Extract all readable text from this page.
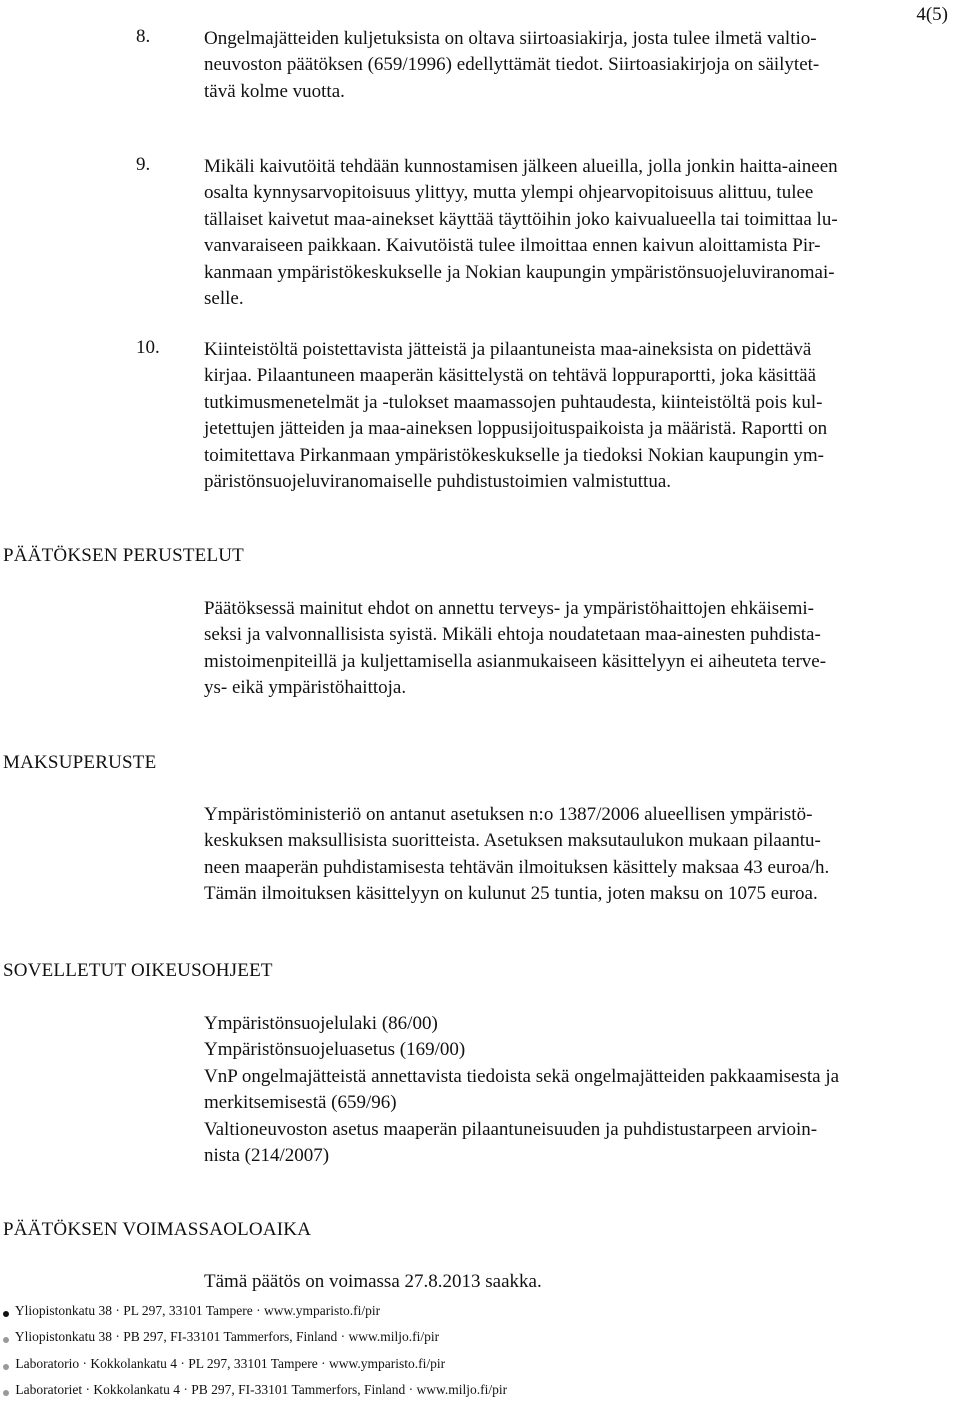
4(5)
8.	Ongelmajätteiden kuljetuksista on oltava siirtoasiakirja, josta tulee ilmetä valtio-
neuvoston päätöksen (659/1996) edellyttämät tiedot. Siirtoasiakirjoja on säilytet-
tävä kolme vuotta.
9.	Mikäli kaivutöitä tehdään kunnostamisen jälkeen alueilla, jolla jonkin haitta-aineen
osalta kynnysarvopitoisuus ylittyy, mutta ylempi ohjearvopitoisuus alittuu, tulee
tällaiset kaivetut maa-ainekset käyttää täyttöihin joko kaivualueella tai toimittaa lu-
vanvaraiseen paikkaan. Kaivutöistä tulee ilmoittaa ennen kaivun aloittamista Pir-
kanmaan ympäristökeskukselle ja Nokian kaupungin ympäristönsuojeluviranomai-
selle.
10. Kiinteistöltä poistettavista jätteistä ja pilaantuneista maa-aineksista on pidettävä
kirjaa. Pilaantuneen maaperän käsittelystä on tehtävä loppuraportti, joka käsittää
tutkimusmenetelmät ja -tulokset maamassojen puhtaudesta, kiinteistöltä pois kul-
jetettujen jätteiden ja maa-aineksen loppusijoituspaikoista ja määristä. Raportti on
toimitettava Pirkanmaan ympäristökeskukselle ja tiedoksi Nokian kaupungin ym-
päristönsuojeluviranomaiselle puhdistustoimien valmistuttua.
PÄÄTÖKSEN PERUSTELUT
Päätöksessä mainitut ehdot on annettu terveys- ja ympäristöhaittojen ehkäisemi-
seksi ja valvonnallisista syistä. Mikäli ehtoja noudatetaan maa-ainesten puhdista-
mistoimenpiteillä ja kuljettamisella asianmukaiseen käsittelyyn ei aiheuteta terve-
ys- eikä ympäristöhaittoja.
MAKSUPERUSTE
Ympäristöministeriö on antanut asetuksen n:o 1387/2006 alueellisen ympäristö-
keskuksen maksullisista suoritteista. Asetuksen maksutaulukon mukaan pilaantu-
neen maaperän puhdistamisesta tehtävän ilmoituksen käsittely maksaa 43 euroa/h.
Tämän ilmoituksen käsittelyyn on kulunut 25 tuntia, joten maksu on 1075 euroa.
SOVELLETUT OIKEUSOHJEET
Ympäristönsuojelulaki (86/00)
Ympäristönsuojeluasetus (169/00)
VnP ongelmajätteistä annettavista tiedoista sekä ongelmajätteiden pakkaamisesta ja
merkitsemisestä (659/96)
Valtioneuvoston asetus maaperän pilaantuneisuuden ja puhdistustarpeen arvioin-
nista (214/2007)
PÄÄTÖKSEN VOIMASSAOLOAIKA
Tämä päätös on voimassa 27.8.2013 saakka.
Yliopistonkatu 38 · PL 297, 33101 Tampere · www.ymparisto.fi/pir
Yliopistonkatu 38 · PB 297, FI-33101 Tammerfors, Finland · www.miljo.fi/pir
Laboratorio · Kokkolankatu 4 · PL 297, 33101 Tampere · www.ymparisto.fi/pir
Laboratoriet · Kokkolankatu 4 · PB 297, FI-33101 Tammerfors, Finland · www.miljo.fi/pir
